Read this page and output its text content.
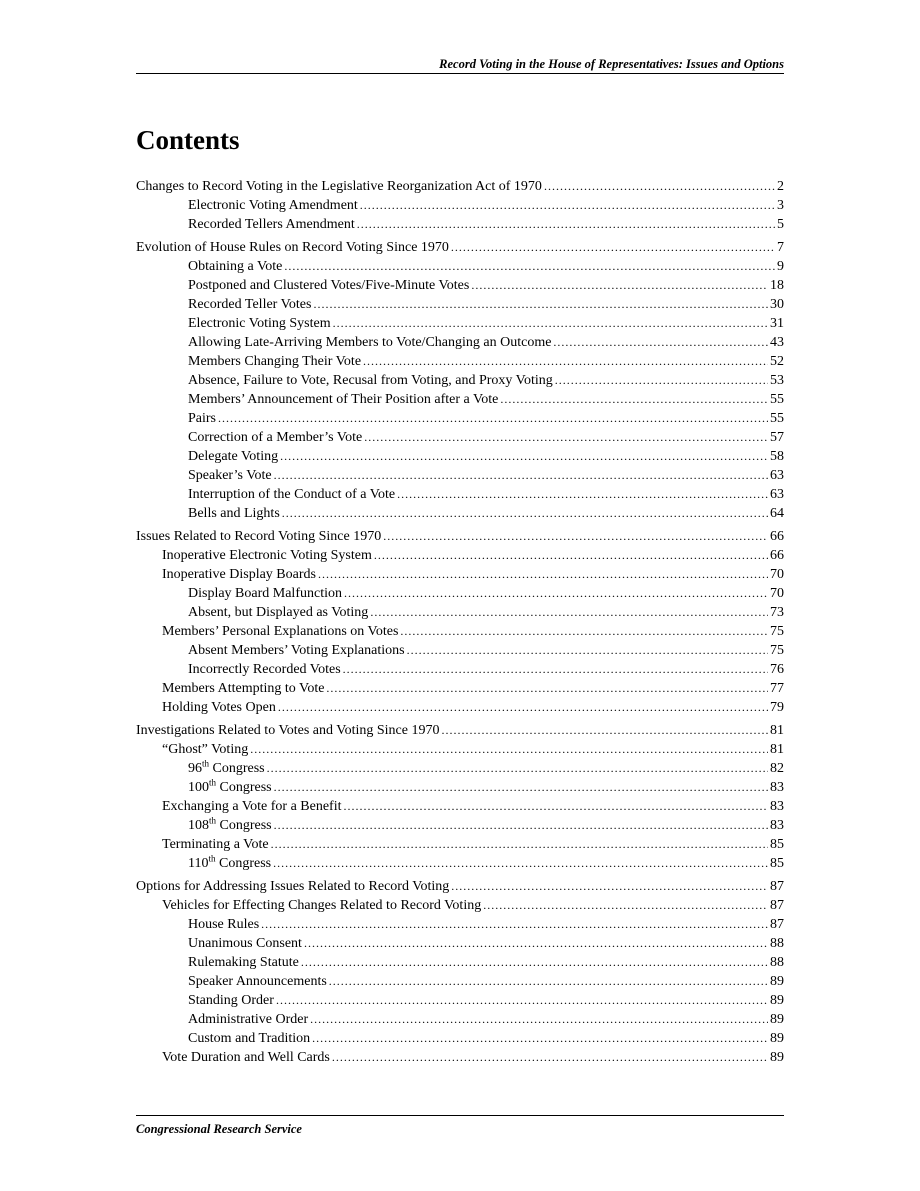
Record Voting in the House of Representatives: Issues and Options
Contents
Changes to Record Voting in the Legislative Reorganization Act of 1970 .....	2
Electronic Voting Amendment .....	3
Recorded Tellers Amendment .....	5
Evolution of House Rules on Record Voting Since 1970 .....	7
Obtaining a Vote .....	9
Postponed and Clustered Votes/Five-Minute Votes .....	18
Recorded Teller Votes .....	30
Electronic Voting System .....	31
Allowing Late-Arriving Members to Vote/Changing an Outcome .....	43
Members Changing Their Vote .....	52
Absence, Failure to Vote, Recusal from Voting, and Proxy Voting .....	53
Members’ Announcement of Their Position after a Vote .....	55
Pairs .....	55
Correction of a Member’s Vote .....	57
Delegate Voting .....	58
Speaker’s Vote .....	63
Interruption of the Conduct of a Vote .....	63
Bells and Lights .....	64
Issues Related to Record Voting Since 1970 .....	66
Inoperative Electronic Voting System .....	66
Inoperative Display Boards .....	70
Display Board Malfunction .....	70
Absent, but Displayed as Voting .....	73
Members’ Personal Explanations on Votes .....	75
Absent Members’ Voting Explanations .....	75
Incorrectly Recorded Votes .....	76
Members Attempting to Vote .....	77
Holding Votes Open .....	79
Investigations Related to Votes and Voting Since 1970 .....	81
“Ghost” Voting .....	81
96th Congress .....	82
100th Congress .....	83
Exchanging a Vote for a Benefit .....	83
108th Congress .....	83
Terminating a Vote .....	85
110th Congress .....	85
Options for Addressing Issues Related to Record Voting .....	87
Vehicles for Effecting Changes Related to Record Voting .....	87
House Rules .....	87
Unanimous Consent .....	88
Rulemaking Statute .....	88
Speaker Announcements .....	89
Standing Order .....	89
Administrative Order .....	89
Custom and Tradition .....	89
Vote Duration and Well Cards .....	89
Congressional Research Service
